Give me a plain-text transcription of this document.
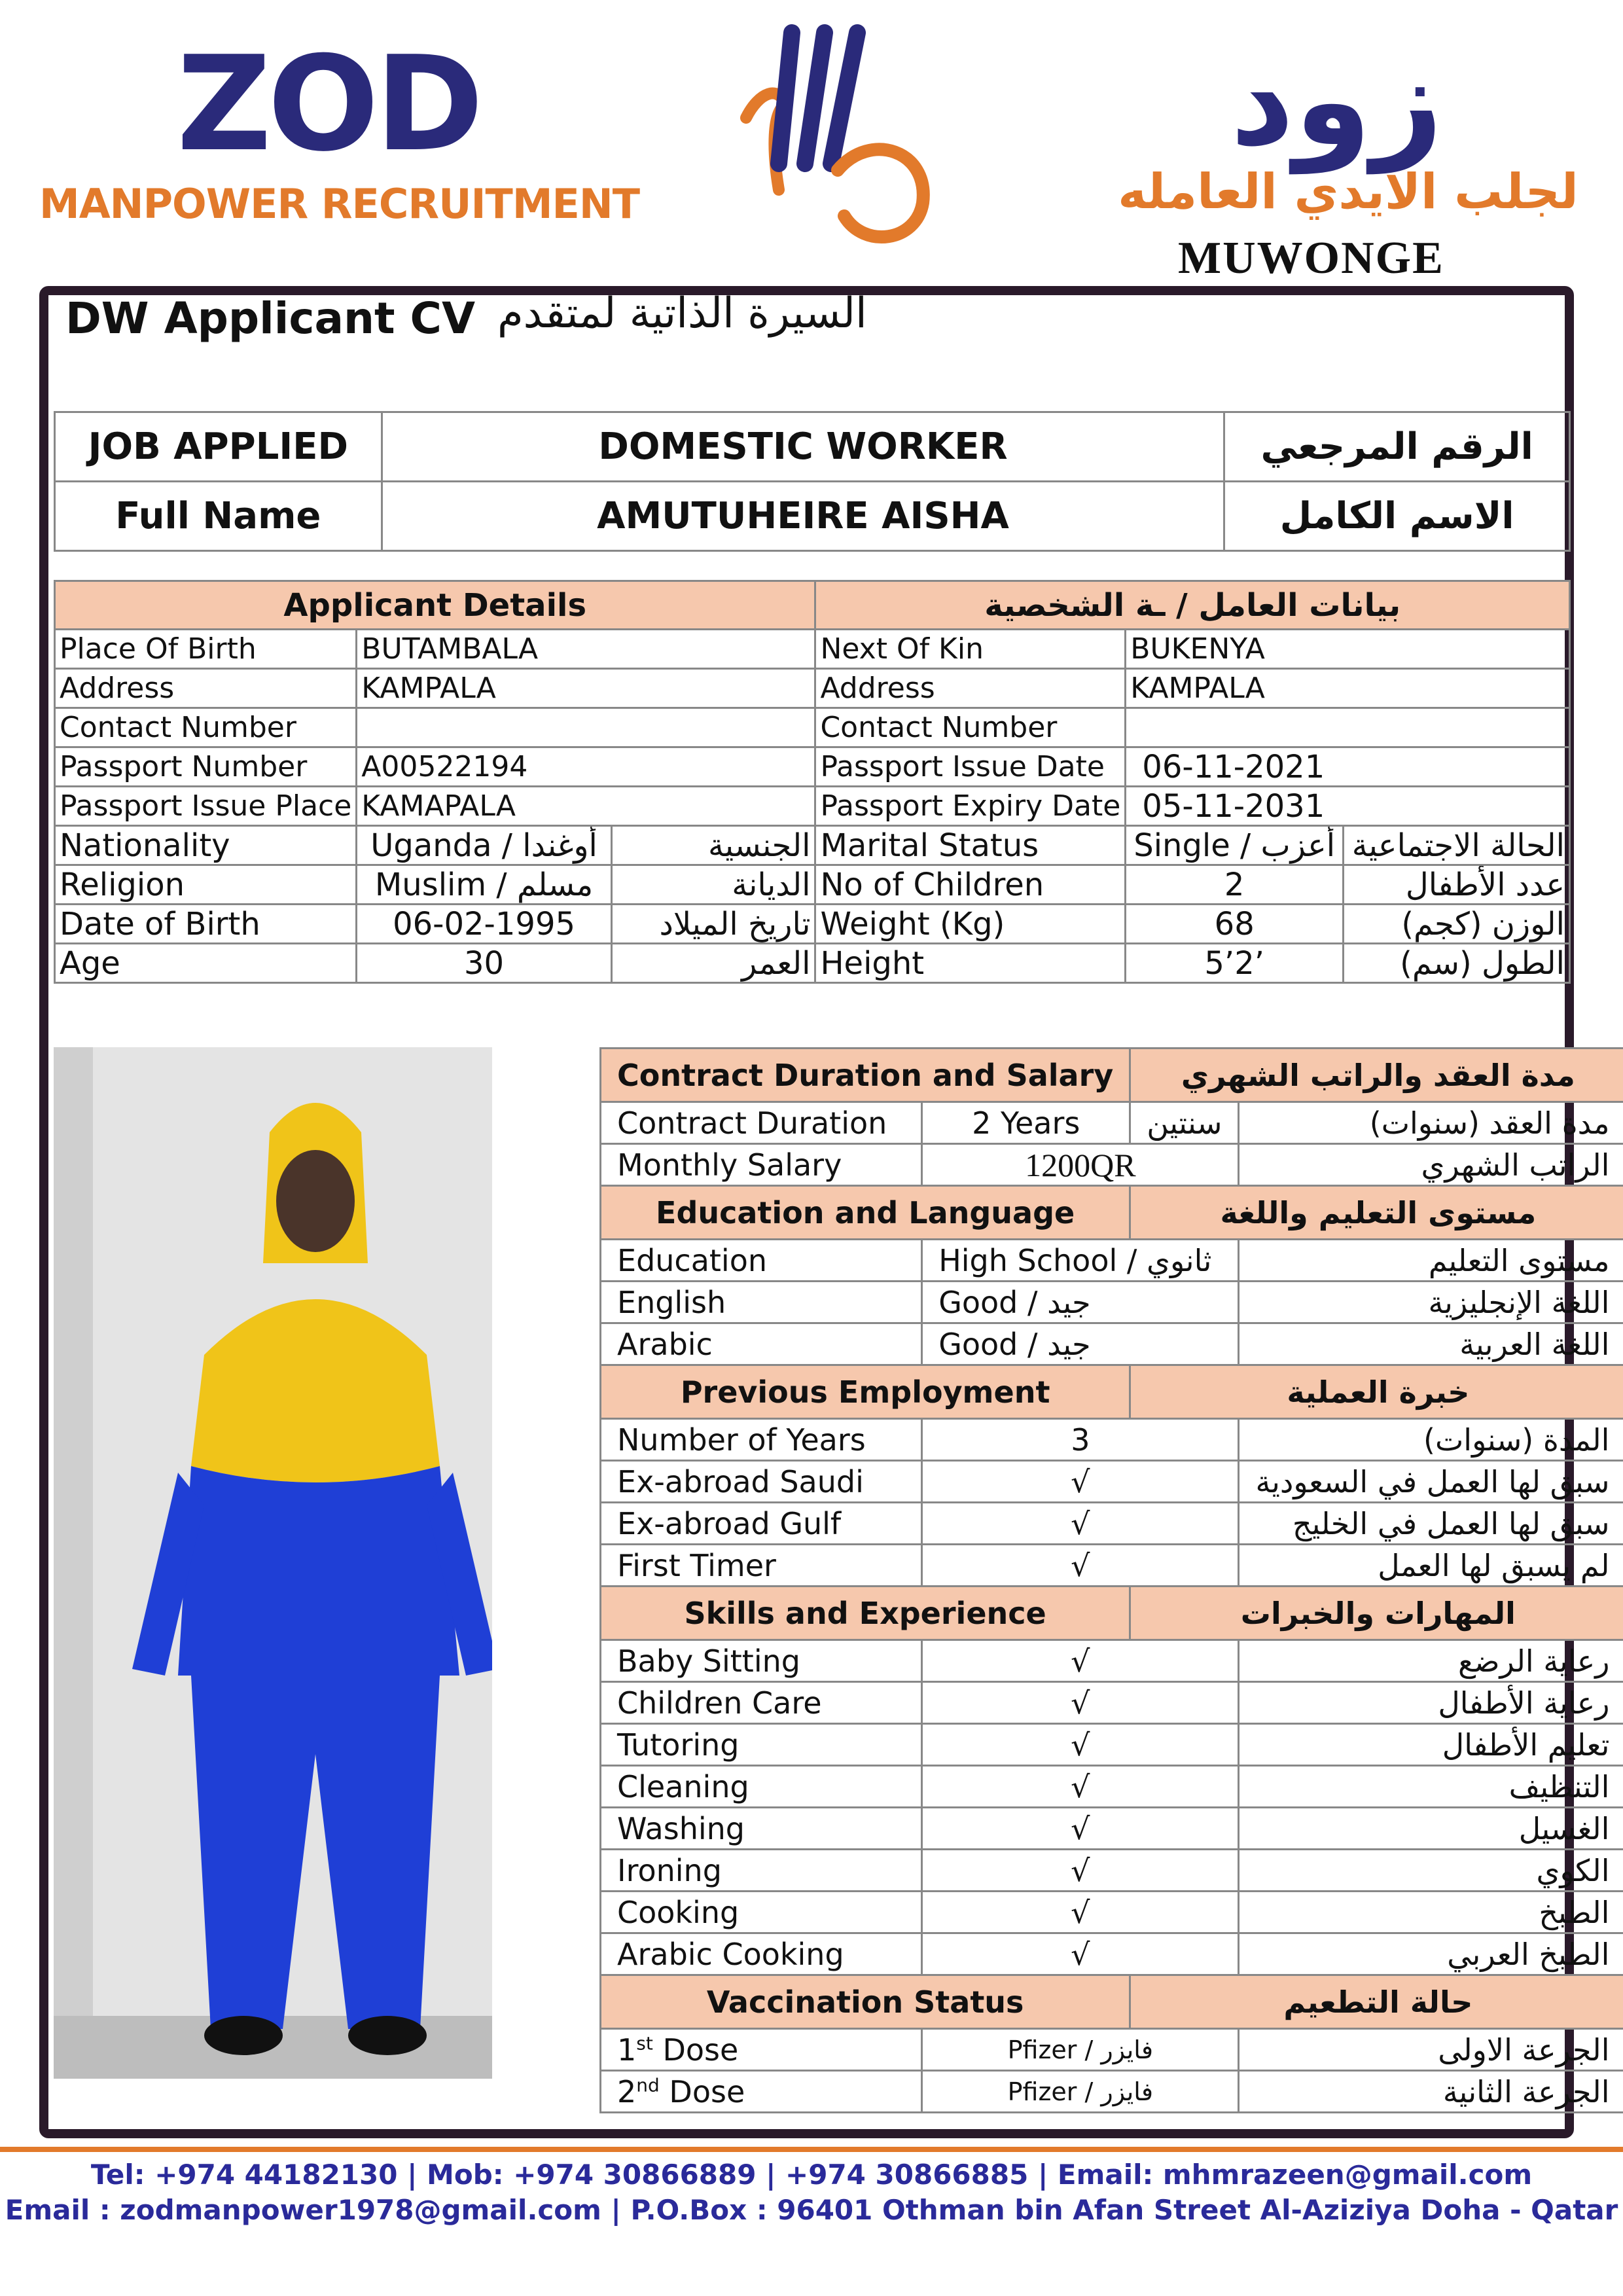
ZOD
MANPOWER RECRUITMENT
زود
لجلب الايدي العامله
MUWONGE
DW Applicant CV السيرة الذاتية لمتقدم
JOB APPLIED	DOMESTIC WORKER	الرقم المرجعي
Full Name	AMUTUHEIRE AISHA	الاسم الكامل
Applicant Details			بيانات العامل / ـة الشخصية		
Place Of Birth	BUTAMBALA		Next Of Kin	BUKENYA	
Address	KAMPALA		Address	KAMPALA	
Contact Number			Contact Number		
Passport Number	A00522194		Passport Issue Date	06-11-2021	
Passport Issue Place	KAMAPALA		Passport Expiry Date	05-11-2031	
Nationality	Uganda / أوغندا	الجنسية	Marital Status	Single / أعزب	الحالة الاجتماعية
Religion	Muslim / مسلم	الديانة	No of Children	2	عدد الأطفال
Date of Birth	06-02-1995	تاريخ الميلاد	Weight (Kg)	68	الوزن (كجم)
Age	30	العمر	Height	5’2’	الطول (سم)
Contract Duration and Salary		مدة العقد والراتب الشهري	
Contract Duration	2 Years	سنتين	مدة العقد (سنوات)
Monthly Salary	1200QR		الراتب الشهري
Education and Language		مستوى التعليم واللغة	
Education	High School / ثانوي		مستوى التعليم
English	Good / جيد		اللغة الإنجليزية
Arabic	Good / جيد		اللغة العربية
Previous Employment		خبرة العملية	
Number of Years	3		المدة (سنوات)
Ex-abroad Saudi	√		سبق لها العمل في السعودية
Ex-abroad Gulf	√		سبق لها العمل في الخليج
First Timer	√		لم يسبق لها العمل
Skills and Experience		المهارات والخبرات	
Baby Sitting	√		رعاية الرضع
Children Care	√		رعاية الأطفال
Tutoring	√		تعليم الأطفال
Cleaning	√		التنظيف
Washing	√		الغسيل
Ironing	√		الكوي
Cooking	√		الطبخ
Arabic Cooking	√		الطبخ العربي
Vaccination Status		حالة التطعيم	
1st Dose	Pfizer / فايزر		الجرعة الاولى
2nd Dose	Pfizer / فايزر		الجرعة الثانية
Tel: +974 44182130 | Mob: +974 30866889 | +974 30866885 | Email: mhmrazeen@gmail.com
Email : zodmanpower1978@gmail.com | P.O.Box : 96401 Othman bin Afan Street Al-Aziziya Doha - Qatar
